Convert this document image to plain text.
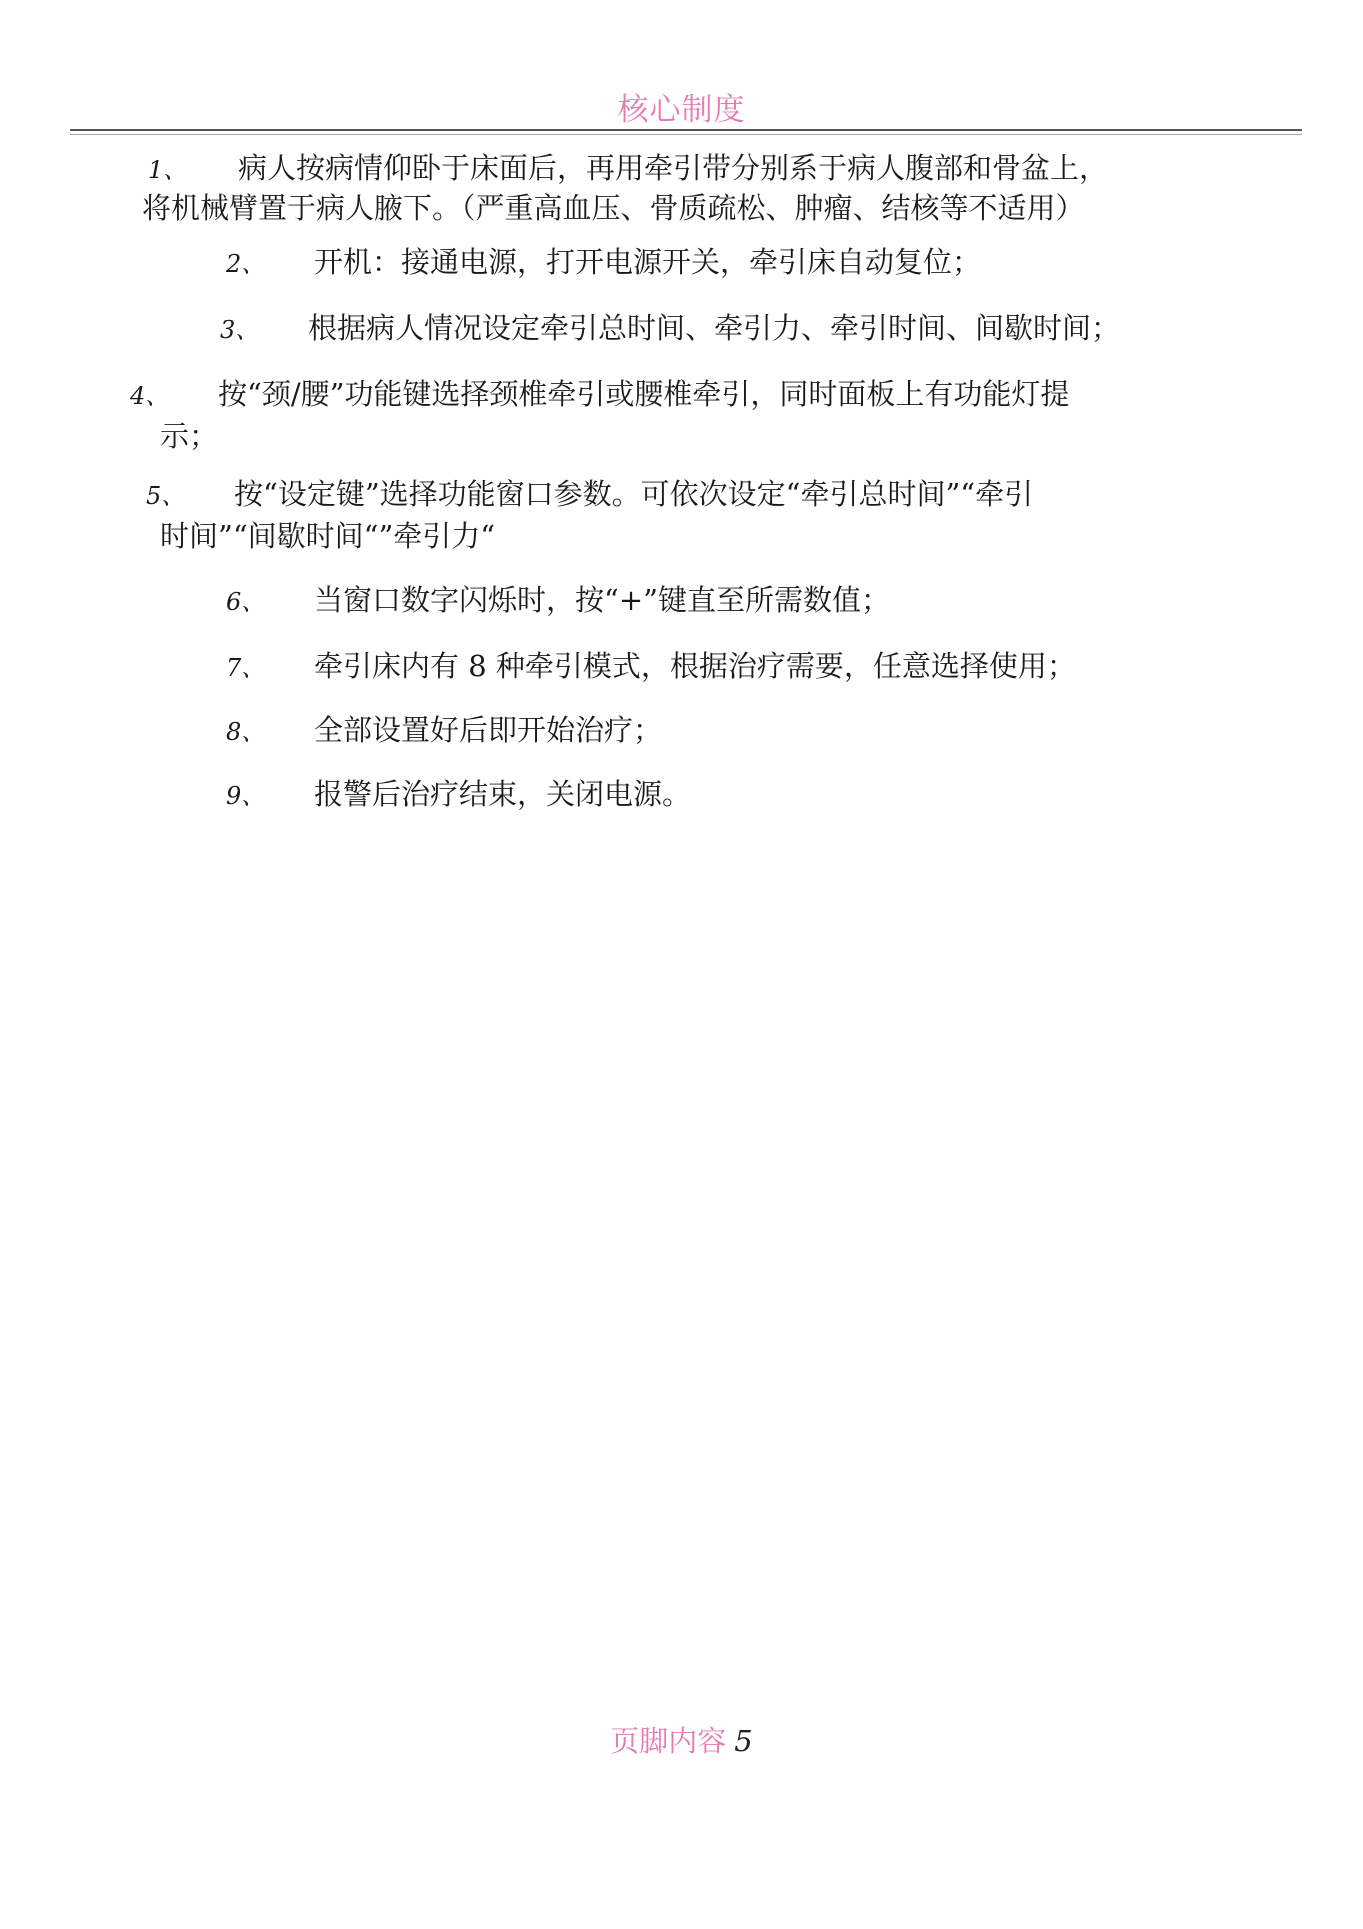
核心制度
1、 病人按病情仰卧于床面后，再用牵引带分别系于病人腹部和骨盆上，
将机械臂置于病人腋下。（严重高血压、骨质疏松、肿瘤、结核等不适用）
2、 开机：接通电源，打开电源开关，牵引床自动复位；
3、 根据病人情况设定牵引总时间、牵引力、牵引时间、间歇时间；
4、 按“颈/腰”功能键选择颈椎牵引或腰椎牵引，同时面板上有功能灯提
示；
5、 按“设定键”选择功能窗口参数。可依次设定“牵引总时间”“牵引
时间”“间歇时间“”牵引力“
6、 当窗口数字闪烁时，按“+”键直至所需数值；
7、 牵引床内有 8 种牵引模式，根据治疗需要，任意选择使用；
8、 全部设置好后即开始治疗；
9、 报警后治疗结束，关闭电源。
页脚内容 5
